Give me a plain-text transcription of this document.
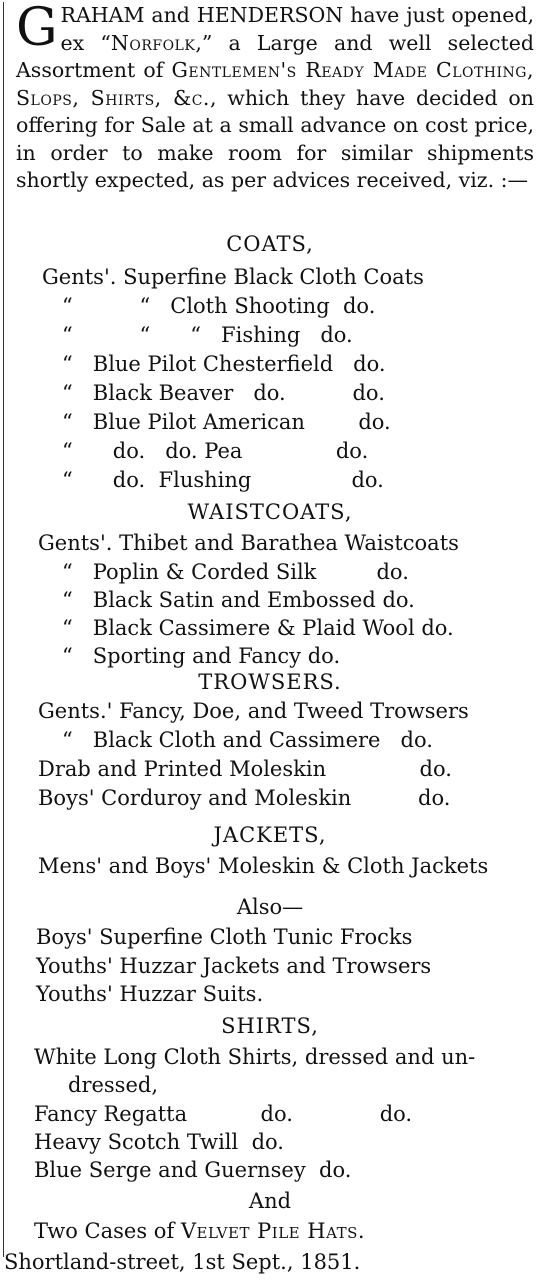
GRAHAM and HENDERSON have just opened, ex “Norfolk,” a Large and well selected Assortment of Gentlemen's Ready Made Clothing, Slops, Shirts, &c., which they have decided on offering for Sale at a small advance on cost price, in order to make room for similar shipments shortly expected, as per advices received, viz. :—

COATS,
Gents'. Superfine Black Cloth Coats
“          “   Cloth Shooting  do.
“          “      “   Fishing   do.
“   Blue Pilot Chesterfield   do.
“   Black Beaver   do.          do.
“   Blue Pilot American        do.
“      do.   do. Pea              do.
“      do.  Flushing               do.
WAISTCOATS,
Gents'. Thibet and Barathea Waistcoats
“   Poplin & Corded Silk         do.
“   Black Satin and Embossed do.
“   Black Cassimere & Plaid Wool do.
“   Sporting and Fancy do.
TROWSERS.
Gents.' Fancy, Doe, and Tweed Trowsers
“   Black Cloth and Cassimere   do.
Drab and Printed Moleskin              do.
Boys' Corduroy and Moleskin          do.
JACKETS,
Mens' and Boys' Moleskin & Cloth Jackets
Also—
Boys' Superfine Cloth Tunic Frocks
Youths' Huzzar Jackets and Trowsers
Youths' Huzzar Suits.
SHIRTS,
White Long Cloth Shirts, dressed and un-
dressed,
Fancy Regatta           do.             do.
Heavy Scotch Twill  do.
Blue Serge and Guernsey  do.
And
Two Cases of Velvet Pile Hats.
Shortland-street, 1st Sept., 1851.
